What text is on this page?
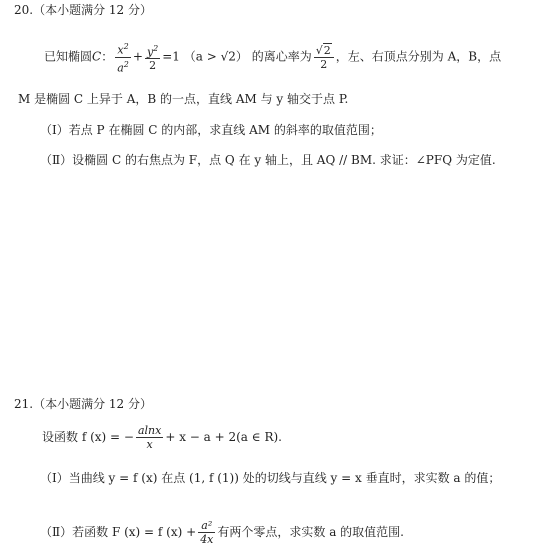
20.（本小题满分 12 分）
已知椭圆C： $\frac{x^2}{a^2} + \frac{y^2}{2} =1$ （a > √2） 的离心率为 $\frac{√2}{2}$ ，左、右顶点分别为 A，B，点
M 是椭圆 C 上异于 A，B 的一点，直线 AM 与 y 轴交于点 P.
（Ⅰ）若点 P 在椭圆 C 的内部，求直线 AM 的斜率的取值范围；
（Ⅱ）设椭圆 C 的右焦点为 F，点 Q 在 y 轴上，且 AQ // BM. 求证：∠PFQ 为定值.
21.（本小题满分 12 分）
设函数 f (x) = − $\frac{alnx}{x} + x - a + 2(a$ ∈ R).
（Ⅰ）当曲线 y = f (x) 在点 (1, f (1)) 处的切线与直线 y = x 垂直时，求实数 a 的值；
（Ⅱ）若函数 F (x) = f $(x) + \frac{\text{a²}}{4x}$ 有两个零点，求实数 a 的取值范围.
